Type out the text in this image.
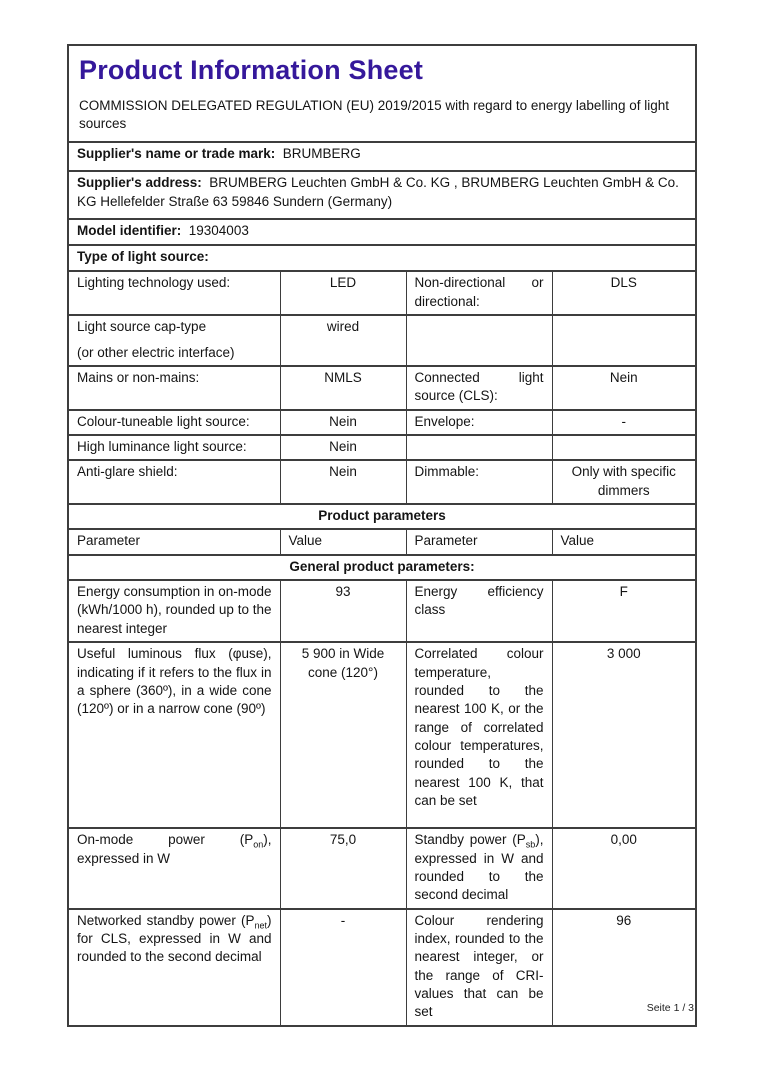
Product Information Sheet
COMMISSION DELEGATED REGULATION (EU) 2019/2015 with regard to energy labelling of light sources			

Supplier's name or trade mark: BRUMBERG			
Supplier's address: BRUMBERG Leuchten GmbH & Co. KG , BRUMBERG Leuchten GmbH & Co. KG Hellefelder Straße 63 59846 Sundern (Germany)			
Model identifier: 19304003			
Type of light source:			
Lighting technology used:	LED	Non-directional or directional:	DLS

Light source cap-type
(or other electric interface)	wired		
Mains or non-mains:	NMLS	Connected light source (CLS):	Nein
Colour-tuneable light source:	Nein	Envelope:	-
High luminance light source:	Nein		
Anti-glare shield:	Nein	Dimmable:	Only with specific dimmers
Product parameters			
Parameter	Value	Parameter	Value
General product parameters:			
Energy consumption in on-mode (kWh/1000 h), rounded up to the nearest integer	93	Energy efficiency class	F
Useful luminous flux (φuse), indicating if it refers to the flux in a sphere (360º), in a wide cone (120º) or in a narrow cone (90º)	5 900 in Wide cone (120°)	Correlated colour temperature, rounded to the nearest 100 K, or the range of correlated colour temperatures, rounded to the nearest 100 K, that can be set	3 000
On-mode power $(P_{on})$, expressed in W	75,0	Standby power $(P_{sb})$, expressed in W and rounded to the second decimal	0,00
Networked standby power $(P_{net})$ for CLS, expressed in W and rounded to the second decimal	-	Colour rendering index, rounded to the nearest integer, or the range of CRI-values that can be set	96
Seite 1 / 3
